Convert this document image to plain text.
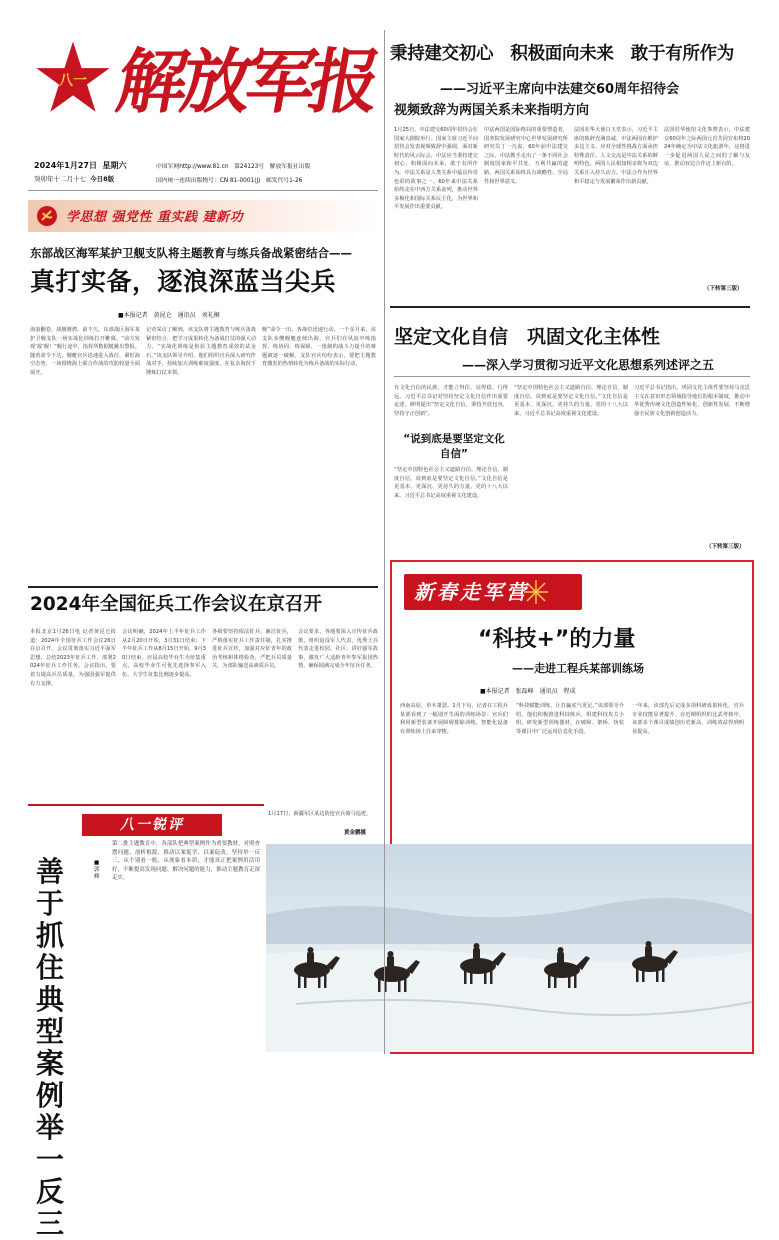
八一 解放军报
2024年1月27日 星期六
癸卯年十二月十七 今日8版
中国军网http://www.81.cn 第24123号 解放军报社出版
国内统一连续出版物号：CN 81-0001(J) 邮发代号1-26
学思想 强党性 重实践 建新功
东部战区海军某护卫舰支队将主题教育与练兵备战紧密结合——
真打实备，逐浪深蓝当尖兵
■本报记者　黄昆仑　通讯员　刘礼桐
海浪翻卷，战舰驰骋。前不久，东部战区海军某护卫舰支队一场实战化训练拉开帷幕。“前方发现‘敌’舰！”舰行途中，指挥所数据链跳出警报。随着命令下达，舰艇官兵迅速进入战位，紧盯海空态势，一场围绕海上联合作战的攻防较量全面展开。
记者采访了解到，该支队将主题教育与练兵备战紧密结合，把学习成果转化为备战打仗的强大动力。“实战化训练是检验主题教育成效的试金石。”该支队领导介绍，他们组织官兵深入研究作战对手，持续加大训练难度强度，在复杂海况下锤炼打仗本领。
舰”命令一出，各战位迅速行动。一个多月来，该支队多艘舰艇连续出海，官兵们在风浪中练指挥、练协同、练保障，一批制约战斗力提升的难题被逐一破解。支队官兵纷纷表示，要把主题教育激发的热情转化为练兵备战的实际行动。
秉持建交初心　积极面向未来　敢于有所作为
——习近平主席向中法建交60周年招待会
视频致辞为两国关系未来指明方向
1月25日，中法建交60周年招待会在国家大剧院举行。国家主席习近平向招待会发表视频致辞中强调，面对新时代的风云际会，中法应当秉持建交初心，积极面向未来，敢于有所作为。中法关系是人类关系中最具传奇色彩的故事之一。60年来中法关系始终走在中西方关系前列，推动世界多极化和国际关系民主化，为世界和平发展作出重要贡献。
中法两国是国际格局的重要塑造者，国务院发展研究中心世界发展研究所研究员丁一凡说，60年前中法建交之际，中法携手走出了一条不同社会制度国家和平共处、互利共赢的道路，两国关系始终具有战略性、全局性和世界意义。
法国驻华大使白玉堂表示，习近平主席的致辞充满真诚，中法两国在维护多边主义、应对全球性挑战方面承担特殊责任。人文交流是中法关系的鲜明特色，两国人民相知相亲将为双边关系注入持久动力。中法合作为世界和平稳定与发展繁荣作出新贡献。
法国驻华使馆文化参赞表示，中法建交60周年之际两国元首共同宣布将2024年确定为中法文化旅游年，这将进一步促进两国人民之间的了解与友谊，推动双边合作迈上新台阶。
（下转第三版）
坚定文化自信　巩固文化主体性
——深入学习贯彻习近平文化思想系列述评之五
有文化自信的民族，才能立得住、站得稳、行得远。习近平总书记对坚持坚定文化自信作出重要论述，鲜明提出“坚定文化自信，秉持开放包容，坚持守正创新”。
“说到底是要坚定文化自信”
“坚定中国特色社会主义道路自信、理论自信、制度自信，说到底是要坚定文化自信。”文化自信是更基本、更深沉、更持久的力量。党的十八大以来，习近平总书记高度重视文化建设。
“坚定中国特色社会主义道路自信、理论自信、制度自信，说到底是要坚定文化自信。”文化自信是更基本、更深沉、更持久的力量。党的十八大以来，习近平总书记高度重视文化建设。
习近平总书记指出，巩固文化主体性要坚持马克思主义在意识形态领域指导地位的根本制度，推动中华优秀传统文化创造性转化、创新性发展，不断增强全民族文化创新创造活力。
（下转第三版）
2024年全国征兵工作会议在京召开
本报北京1月26日电 记者黄昆仑报道：2024年全国征兵工作会议26日在京召开。会议贯彻落实习近平强军思想，总结2023年征兵工作，部署2024年征兵工作任务。会议指出，要着力提高兵员质量，为强国强军提供有力支撑。
会议明确，2024年上半年征兵工作从2月20日开始，3月31日结束；下半年征兵工作从8月15日开始，9月30日结束。应届高校毕业生为征集重点，高校毕业生可优先选择参军入伍，大学生征集比例逐步提高。
各级要坚持依法征兵、廉洁征兵，严格落实征兵工作责任制，扎实推进征兵宣传，加强对应征青年的政治考核和体格检查，严把兵员质量关，为部队输送高素质兵员。
会议要求，各地要深入宣传征兵政策，组织退役军人代表、优秀士兵代表走进校园、社区，讲好强军故事，激发广大适龄青年参军报国热情，确保圆满完成全年征兵任务。
八一锐评
善于抓住典型案例举一反三
■ 郭　峰
第二批主题教育中，各部队把典型案例作为重要教材，对照查摆问题、剖析根源，推动以案促学、以案促改。坚持举一反三，从个别看一般，从现象看本质，才能真正把案例用活用好，不断提高发现问题、解决问题的能力，推动主题教育走深走实。
新春走军营
“科技+”的力量
——走进工程兵某部训练场
■本报记者　张磊峰　通讯员　程成
西南高原，草木萧瑟。1月下旬，记者在工程兵某部看到了一幅别开生面的训练场景：官兵们利用新型装备开展障碍排除训练，智能化设备在训练场上往来穿梭。
“科技赋能训练，让打赢底气更足。”该部领导介绍，他们积极推进科技练兵，组建科技攻关小组，研发新型训练器材，在破障、架桥、伪装等课目中广泛运用信息化手段。
一年来，该部先后完成多项科研成果转化，官兵专业技能显著提升。在近期组织的比武考核中，该部多个课目成绩创历史新高，训练效益得到明显提高。
1月17日，新疆军区某边防连官兵骑马巡逻。
黄金鹏摄
